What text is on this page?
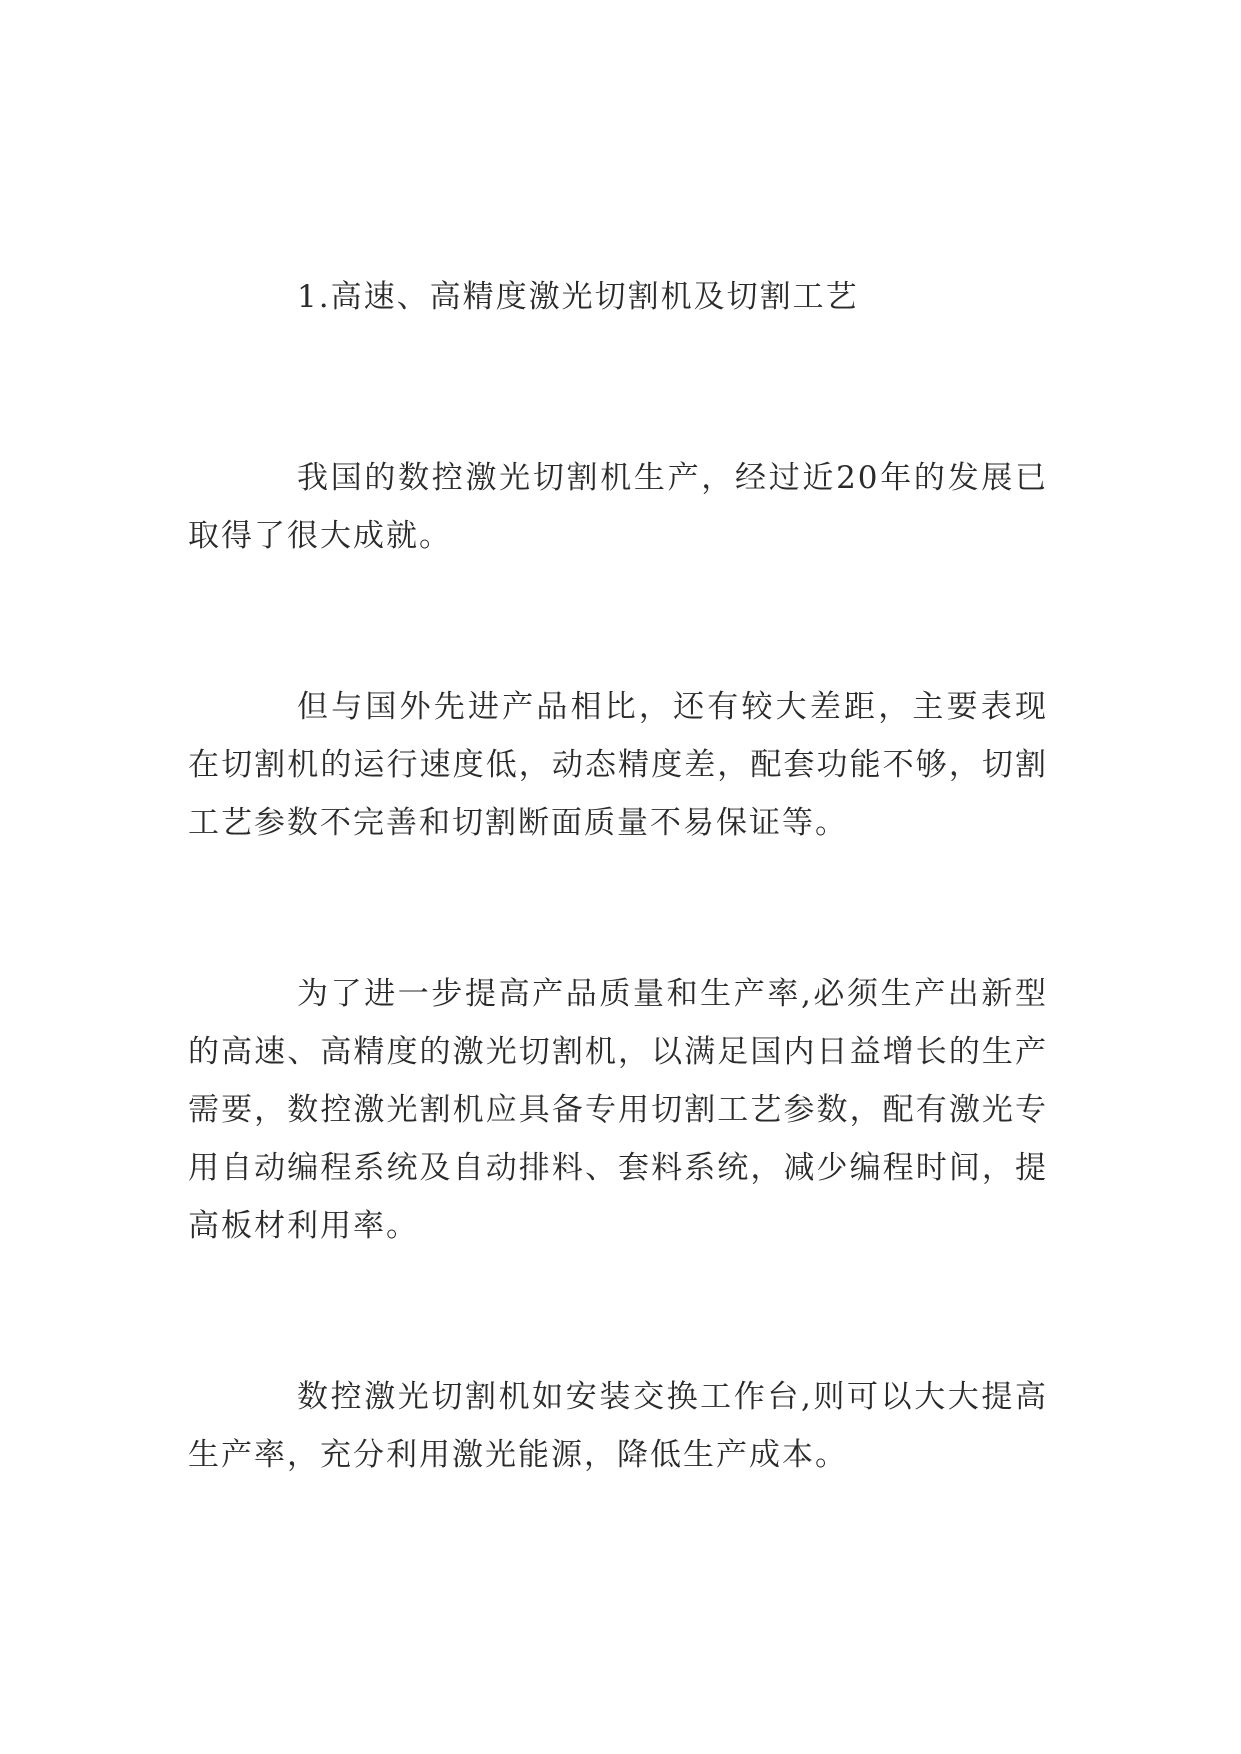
1.高速、高精度激光切割机及切割工艺

我国的数控激光切割机生产，经过近20年的发展已取得了很大成就。

但与国外先进产品相比，还有较大差距，主要表现在切割机的运行速度低，动态精度差，配套功能不够，切割工艺参数不完善和切割断面质量不易保证等。

为了进一步提高产品质量和生产率,必须生产出新型的高速、高精度的激光切割机，以满足国内日益增长的生产需要，数控激光割机应具备专用切割工艺参数，配有激光专用自动编程系统及自动排料、套料系统，减少编程时间，提高板材利用率。

数控激光切割机如安装交换工作台,则可以大大提高生产率，充分利用激光能源，降低生产成本。
